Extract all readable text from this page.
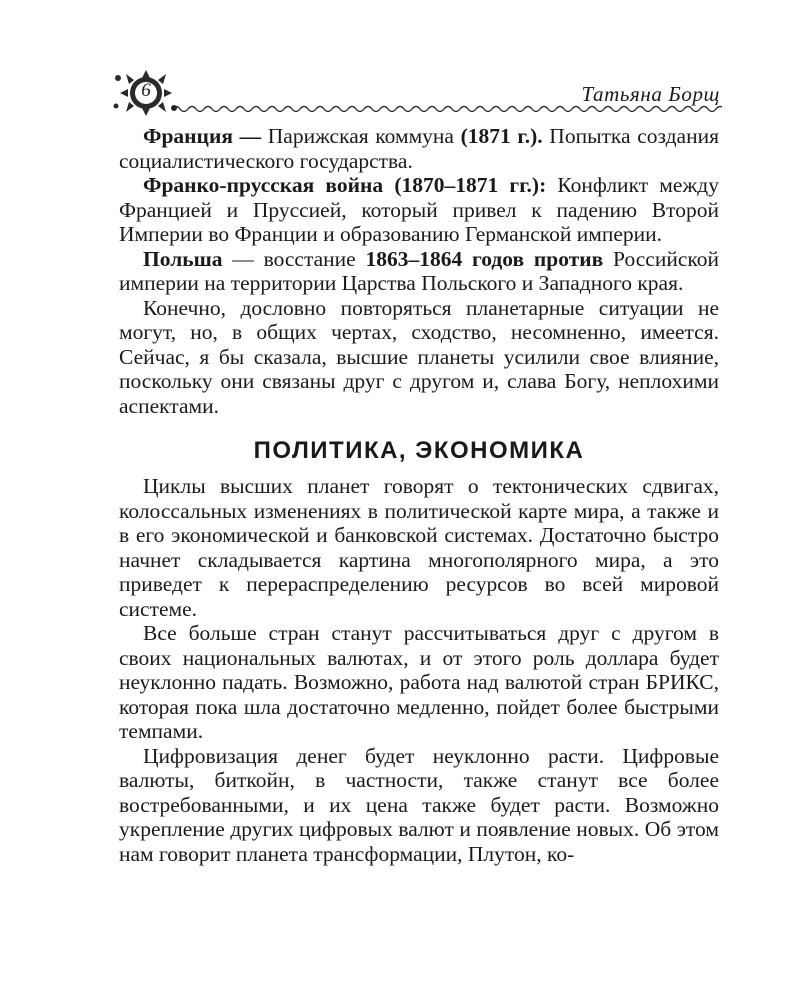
6	Татьяна Борщ

Франция — Парижская коммуна (1871 г.). Попытка создания социалистического государства.

Франко-прусская война (1870–1871 гг.): Конфликт между Францией и Пруссией, который привел к падению Второй Империи во Франции и образованию Германской империи.

Польша — восстание 1863–1864 годов против Российской империи на территории Царства Польского и Западного края.

Конечно, дословно повторяться планетарные ситуации не могут, но, в общих чертах, сходство, несомненно, имеется. Сейчас, я бы сказала, высшие планеты усилили свое влияние, поскольку они связаны друг с другом и, слава Богу, неплохими аспектами.

ПОЛИТИКА, ЭКОНОМИКА

Циклы высших планет говорят о тектонических сдвигах, колоссальных изменениях в политической карте мира, а также и в его экономической и банковской системах. Достаточно быстро начнет складывается картина многополярного мира, а это приведет к перераспределению ресурсов во всей мировой системе.

Все больше стран станут рассчитываться друг с другом в своих национальных валютах, и от этого роль доллара будет неуклонно падать. Возможно, работа над валютой стран БРИКС, которая пока шла достаточно медленно, пойдет более быстрыми темпами.

Цифровизация денег будет неуклонно расти. Цифровые валюты, биткойн, в частности, также станут все более востребованными, и их цена также будет расти. Возможно укрепление других цифровых валют и появление новых. Об этом нам говорит планета трансформации, Плутон, ко-
